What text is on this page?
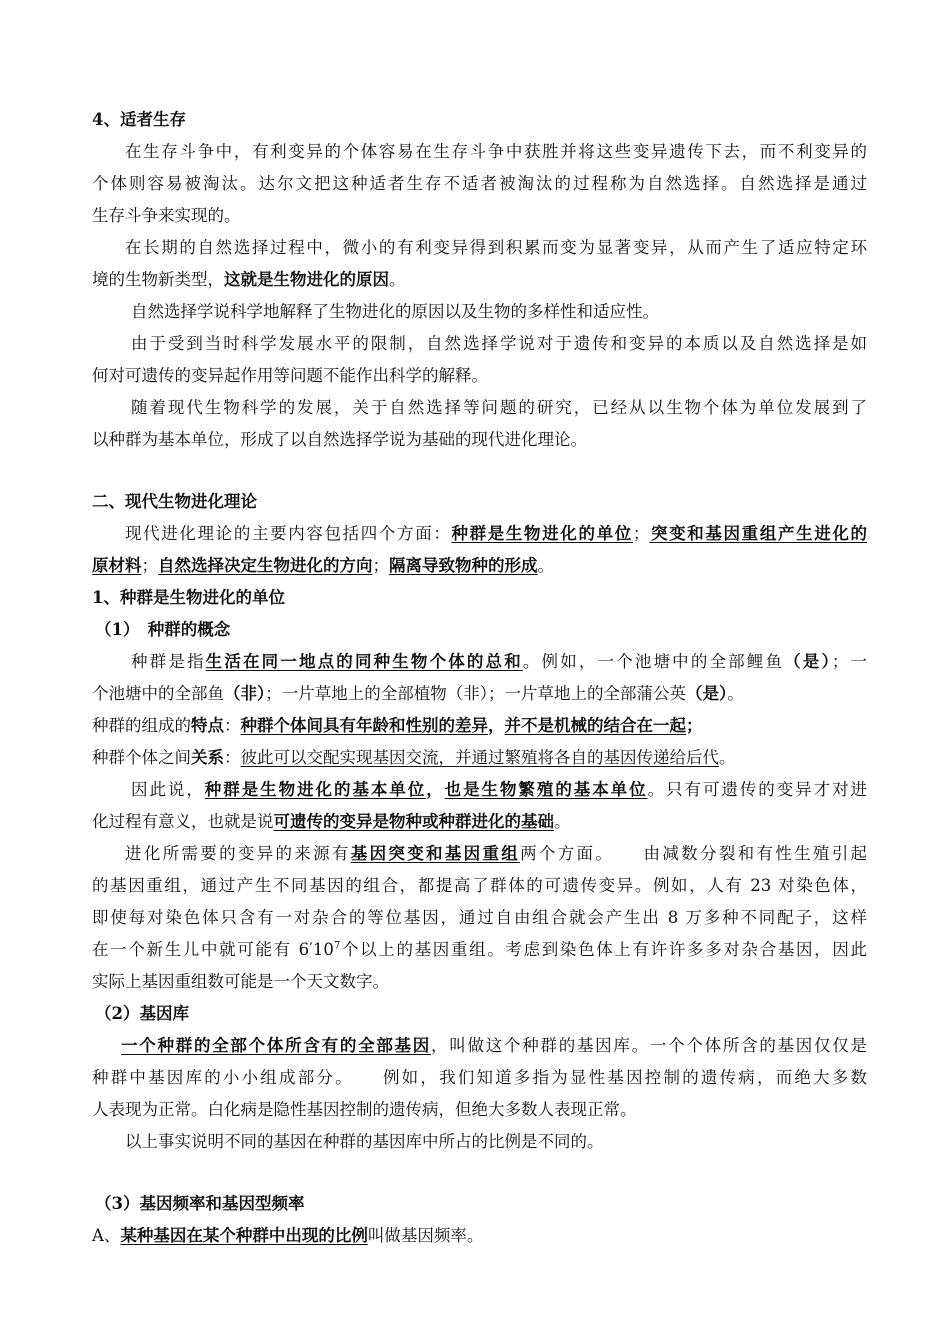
4、适者生存
在生存斗争中，有利变异的个体容易在生存斗争中获胜并将这些变异遗传下去，而不利变异的
个体则容易被淘汰。达尔文把这种适者生存不适者被淘汰的过程称为自然选择。自然选择是通过
生存斗争来实现的。
在长期的自然选择过程中，微小的有利变异得到积累而变为显著变异，从而产生了适应特定环
境的生物新类型，这就是生物进化的原因。
自然选择学说科学地解释了生物进化的原因以及生物的多样性和适应性。
由于受到当时科学发展水平的限制，自然选择学说对于遗传和变异的本质以及自然选择是如
何对可遗传的变异起作用等问题不能作出科学的解释。
随着现代生物科学的发展，关于自然选择等问题的研究，已经从以生物个体为单位发展到了
以种群为基本单位，形成了以自然选择学说为基础的现代进化理论。
二、现代生物进化理论
现代进化理论的主要内容包括四个方面：种群是生物进化的单位；突变和基因重组产生进化的
原材料；自然选择决定生物进化的方向；隔离导致物种的形成。
1、种群是生物进化的单位
（1）　种群的概念
种群是指生活在同一地点的同种生物个体的总和。例如，一个池塘中的全部鲤鱼（是）；一
个池塘中的全部鱼（非）；一片草地上的全部植物（非）；一片草地上的全部蒲公英（是）。
种群的组成的特点：种群个体间具有年龄和性别的差异，并不是机械的结合在一起；
种群个体之间关系：彼此可以交配实现基因交流，并通过繁殖将各自的基因传递给后代。
因此说，种群是生物进化的基本单位，也是生物繁殖的基本单位。只有可遗传的变异才对进
化过程有意义，也就是说可遗传的变异是物种或种群进化的基础。
进化所需要的变异的来源有基因突变和基因重组两个方面。　　由减数分裂和有性生殖引起
的基因重组，通过产生不同基因的组合，都提高了群体的可遗传变异。例如，人有 23 对染色体，
即使每对染色体只含有一对杂合的等位基因，通过自由组合就会产生出 8 万多种不同配子，这样
在一个新生儿中就可能有 $6'10^7$个以上的基因重组。考虑到染色体上有许许多多对杂合基因，因此
实际上基因重组数可能是一个天文数字。
（2）基因库
一个种群的全部个体所含有的全部基因，叫做这个种群的基因库。一个个体所含的基因仅仅是
种群中基因库的小小组成部分。　　例如，我们知道多指为显性基因控制的遗传病，而绝大多数
人表现为正常。白化病是隐性基因控制的遗传病，但绝大多数人表现正常。
以上事实说明不同的基因在种群的基因库中所占的比例是不同的。
（3）基因频率和基因型频率
A、某种基因在某个种群中出现的比例叫做基因频率。
